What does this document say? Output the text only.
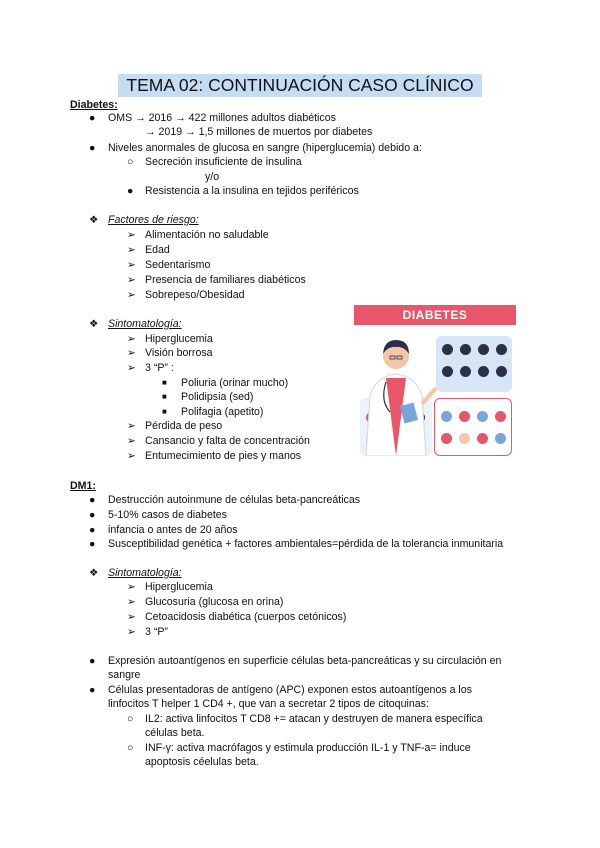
TEMA 02: CONTINUACIÓN CASO CLÍNICO
Diabetes:
● OMS → 2016 → 422 millones adultos diabéticos
→ 2019 → 1,5 millones de muertos por diabetes
● Niveles anormales de glucosa en sangre (hiperglucemia) debido a:
○ Secreción insuficiente de insulina
y/o
● Resistencia a la insulina en tejidos periféricos
❖ Factores de riesgo:
➢ Alimentación no saludable
➢ Edad
➢ Sedentarismo
➢ Presencia de familiares diabéticos
➢ Sobrepeso/Obesidad
❖ Sintomatología:
➢ Hiperglucemia
➢ Visión borrosa
➢ 3 “P” :
■ Poliuria (orinar mucho)
■ Polidipsia (sed)
■ Polifagia (apetito)
➢ Pérdida de peso
➢ Cansancio y falta de concentración
➢ Entumecimiento de pies y manos
DIABETES
DM1:
● Destrucción autoinmune de células beta-pancreáticas
● 5-10% casos de diabetes
● infancia o antes de 20 años
● Susceptibilidad genética + factores ambientales=pérdida de la tolerancia inmunitaria
❖ Sintomatología:
➢ Hiperglucemia
➢ Glucosuria (glucosa en orina)
➢ Cetoacidosis diabética (cuerpos cetónicos)
➢ 3 “P”
● Expresión autoantígenos en superficie células beta-pancreáticas y su circulación en sangre
● Células presentadoras de antígeno (APC) exponen estos autoantígenos a los linfocitos T helper 1 CD4 +, que van a secretar 2 tipos de citoquinas:
○ IL2: activa linfocitos T CD8 += atacan y destruyen de manera específica células beta.
○ INF-γ: activa macrófagos y estimula producción IL-1 y TNF-a= induce apoptosis céelulas beta.
